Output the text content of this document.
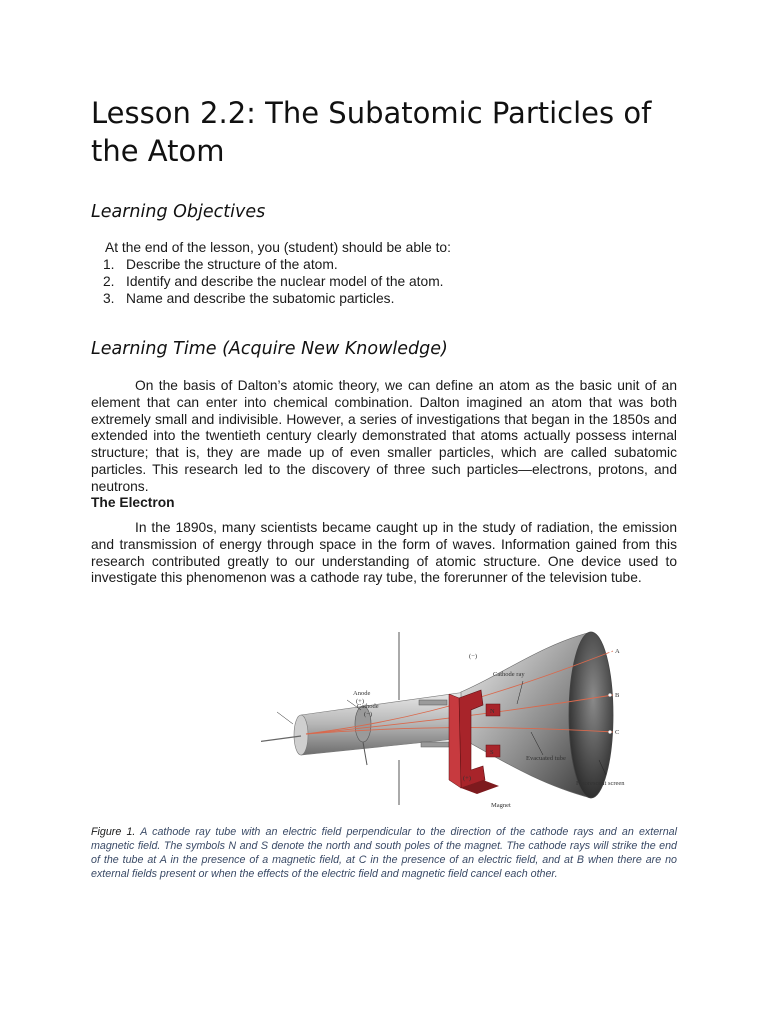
Lesson 2.2: The Subatomic Particles of the Atom
Learning Objectives

At the end of the lesson, you (student) should be able to:

1. Describe the structure of the atom.
2. Identify and describe the nuclear model of the atom.
3. Name and describe the subatomic particles.
Learning Time (Acquire New Knowledge)

On the basis of Dalton’s atomic theory, we can define an atom as the basic unit of an element that can enter into chemical combination. Dalton imagined an atom that was both extremely small and indivisible. However, a series of investigations that began in the 1850s and extended into the twentieth century clearly demonstrated that atoms actually possess internal structure; that is, they are made up of even smaller particles, which are called subatomic particles. This research led to the discovery of three such particles—electrons, protons, and neutrons.

The Electron

In the 1890s, many scientists became caught up in the study of radiation, the emission and transmission of energy through space in the form of waves. Information gained from this research contributed greatly to our understanding of atomic structure. One device used to investigate this phenomenon was a cathode ray tube, the forerunner of the television tube.

Anode
(+)
Cathode
(−)
(−)
(+)
Cathode ray
Evacuated tube
Fluorescent screen
Magnet
A
B
C
N
S

Figure 1. A cathode ray tube with an electric field perpendicular to the direction of the cathode rays and an external magnetic field. The symbols N and S denote the north and south poles of the magnet. The cathode rays will strike the end of the tube at A in the presence of a magnetic field, at C in the presence of an electric field, and at B when there are no external fields present or when the effects of the electric field and magnetic field cancel each other.
